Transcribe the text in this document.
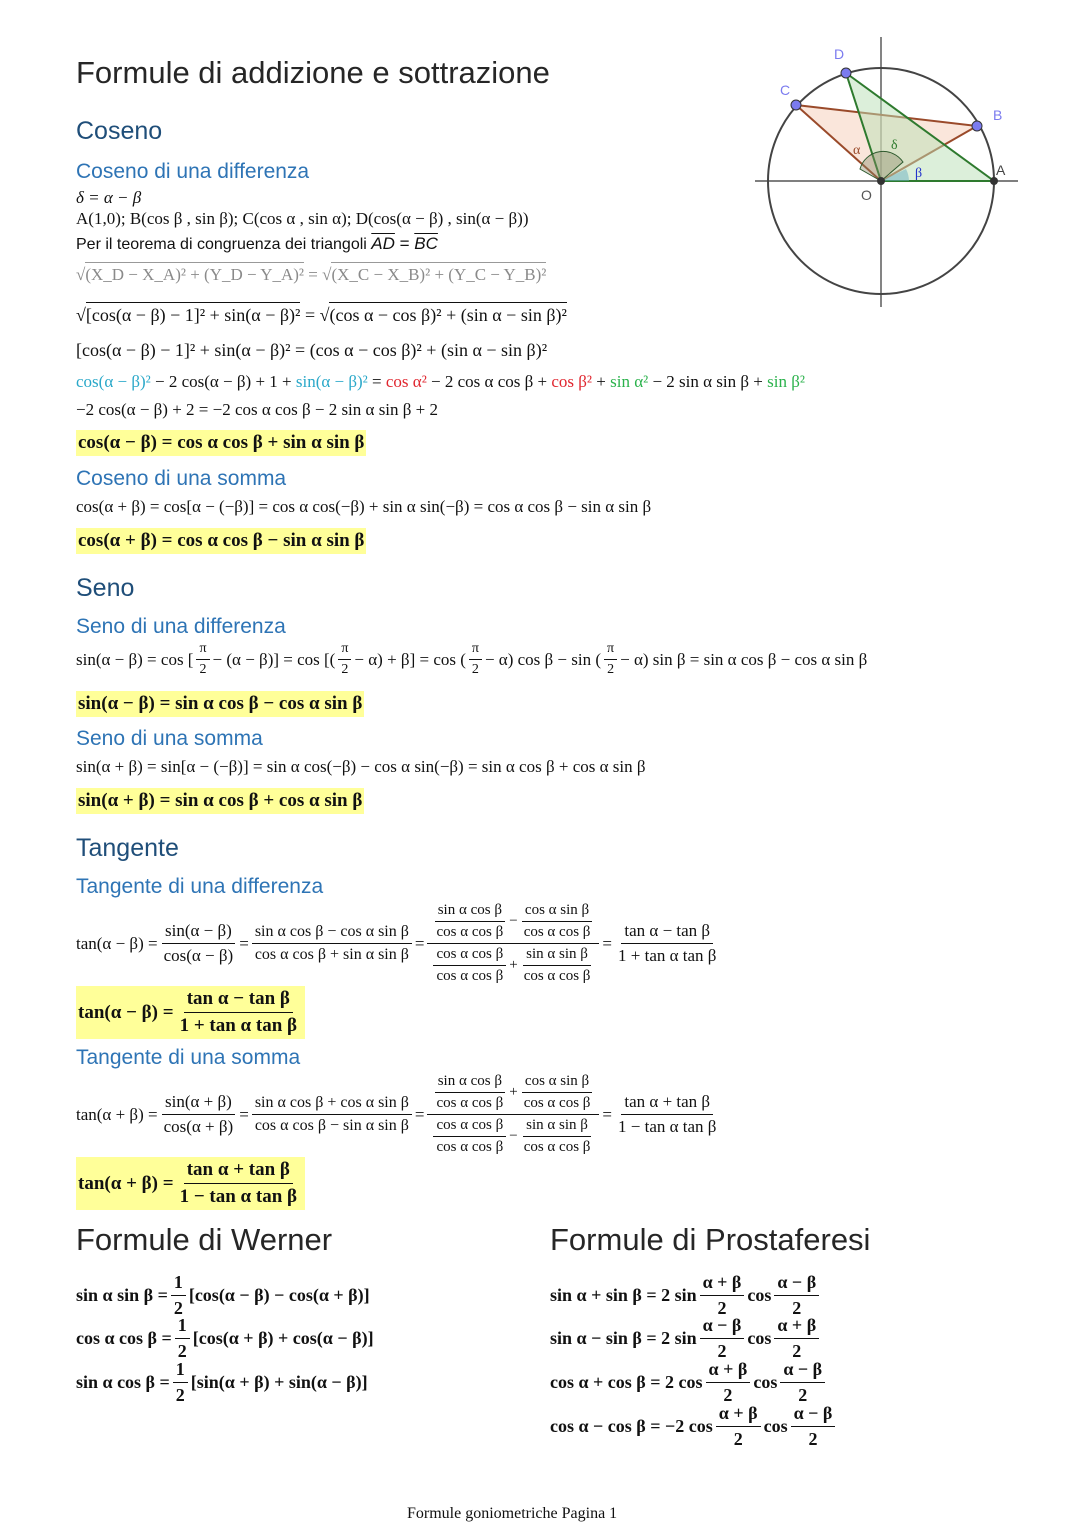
Formule di addizione e sottrazione
D
C
B
A
O
α δ
β
Coseno
Coseno di una differenza
δ = α − β
A(1,0); B(cos β , sin β); C(cos α , sin α); D(cos(α − β) , sin(α − β))
Per il teorema di congruenza dei triangoli $\overline{AD} = \overline{BC}$
√(X_D − X_A)² + (Y_D − Y_A)² = √(X_C − X_B)² + (Y_C − Y_B)²
√[cos(α − β) − 1]² + sin(α − β)² = √(cos α − cos β)² + (sin α − sin β)²
[cos(α − β) − 1]² + sin(α − β)² = (cos α − cos β)² + (sin α − sin β)²
cos(α − β)² − 2 cos(α − β) + 1 + sin(α − β)² = cos α² − 2 cos α cos β + cos β² + sin α² − 2 sin α sin β + sin β²
−2 cos(α − β) + 2 = −2 cos α cos β − 2 sin α sin β + 2
cos(α − β) = cos α cos β + sin α sin β
Coseno di una somma
cos(α + β) = cos[α − (−β)] = cos α cos(−β) + sin α sin(−β) = cos α cos β − sin α sin β
cos(α + β) = cos α cos β − sin α sin β
Seno
Seno di una differenza
sin(α − β) = cos [ $\frac{\pi}{2} - (\alpha - \beta)] = \cos$ [( $\frac{\pi}{2} - \alpha) + \beta] = \cos$ ( $\frac{\pi}{2} - \alpha$) cos β − sin ( $\frac{\pi}{2} - \alpha$) sin β = sin α cos β − cos α sin β
sin(α − β) = sin α cos β − cos α sin β
Seno di una somma
sin(α + β) = sin[α − (−β)] = sin α cos(−β) − cos α sin(−β) = sin α cos β + cos α sin β
sin(α + β) = sin α cos β + cos α sin β
Tangente
Tangente di una differenza
$\tan(\alpha - \beta) = \frac{\sin(\alpha - \beta)}{\cos(\alpha - \beta)} = \frac{\text{sin α cos β − cos α sin β}}{\text{cos α cos β + sin α sin β}} = \frac{\frac{\text{sin α cos β}}{\text{cos α cos β}} - \frac{\text{cos α sin β}}{\text{cos α cos β}}}{\frac{\text{cos α cos β}}{\text{cos α cos β}} + \frac{\text{sin α sin β}}{\text{cos α cos β}}} = \frac{\text{tan α − tan β}}{\text{1 + tan α tan β}}$
$\tan(\alpha - \beta) = \frac{\text{tan α − tan β}}{\text{1 + tan α tan β}}$
Tangente di una somma
$\tan(\alpha + \beta) = \frac{\sin(\alpha + \beta)}{\cos(\alpha + \beta)} = \frac{\text{sin α cos β + cos α sin β}}{\text{cos α cos β − sin α sin β}} = \frac{\frac{\text{sin α cos β}}{\text{cos α cos β}} + \frac{\text{cos α sin β}}{\text{cos α cos β}}}{\frac{\text{cos α cos β}}{\text{cos α cos β}} - \frac{\text{sin α sin β}}{\text{cos α cos β}}} = \frac{\text{tan α + tan β}}{\text{1 − tan α tan β}}$
$\tan(\alpha + \beta) = \frac{\text{tan α + tan β}}{\text{1 − tan α tan β}}$
Formule di Werner
sin α $\sin \beta = \frac{1}{2} [\cos(\alpha - \beta) - \cos(\alpha + \beta)]$
cos α $\cos \beta = \frac{1}{2} [\cos(\alpha + \beta) + \cos(\alpha - \beta)]$
sin α $\cos \beta = \frac{1}{2} [\sin(\alpha + \beta) + \sin(\alpha - \beta)]$
Formule di Prostaferesi
sin α + sin β = 2 $\sin \frac{\alpha + \beta}{2}$ $\cos \frac{\alpha - \beta}{2}$
sin α − sin β = 2 $\sin \frac{\alpha - \beta}{2}$ $\cos \frac{\alpha + \beta}{2}$
cos α + cos β = 2 $\cos \frac{\alpha + \beta}{2}$ $\cos \frac{\alpha - \beta}{2}$
cos α − cos β = −2 $\cos \frac{\alpha + \beta}{2}$ $\cos \frac{\alpha - \beta}{2}$
Formule goniometriche Pagina 1
